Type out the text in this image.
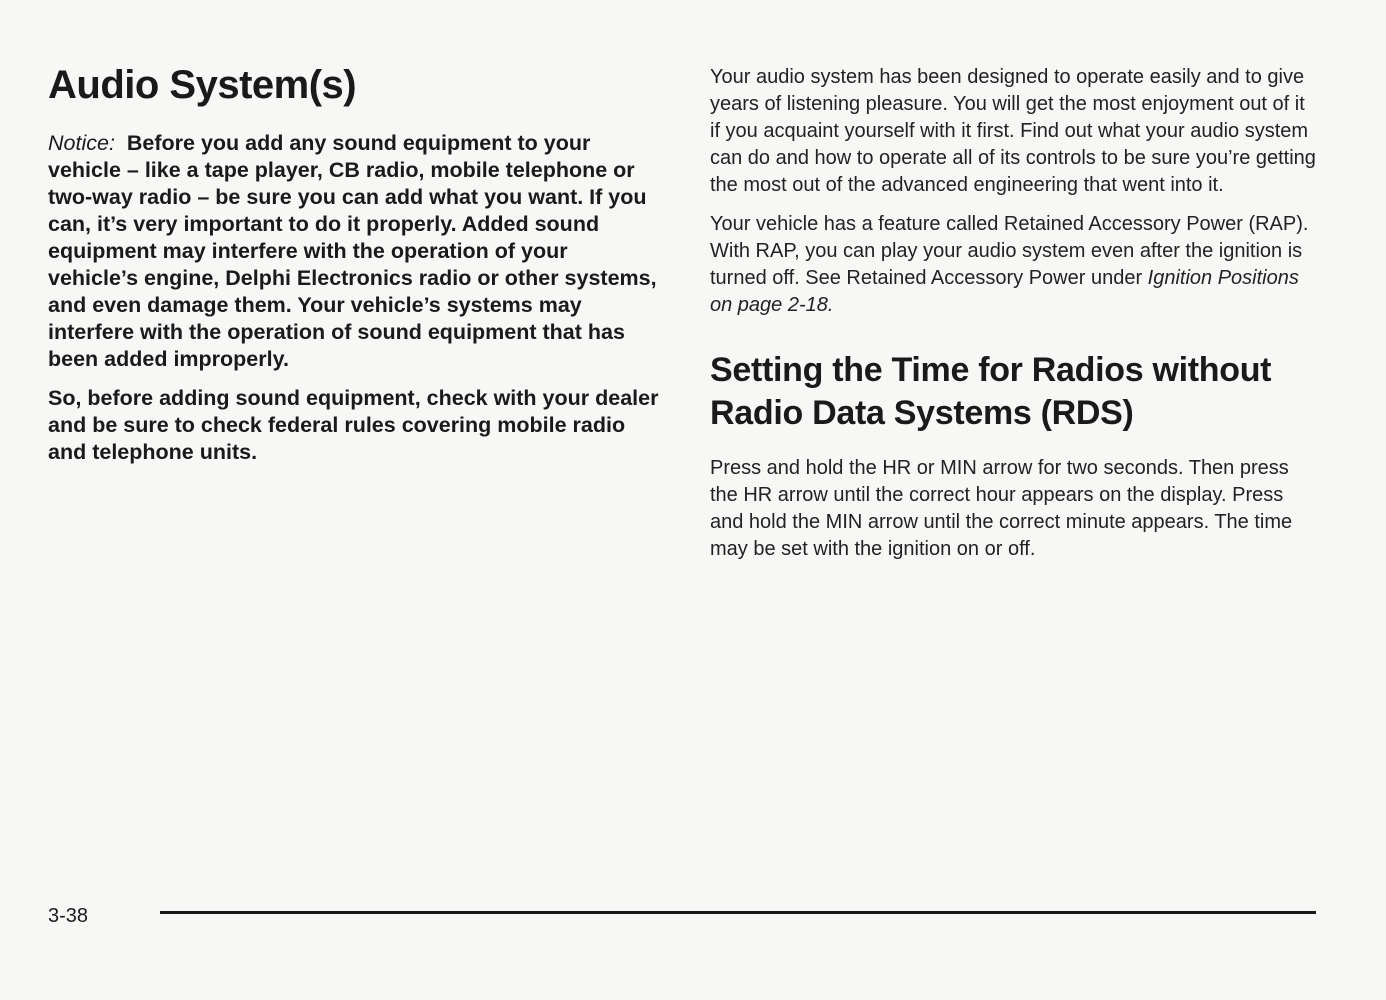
Audio System(s)

Notice: Before you add any sound equipment to your vehicle – like a tape player, CB radio, mobile telephone or two-way radio – be sure you can add what you want. If you can, it’s very important to do it properly. Added sound equipment may interfere with the operation of your vehicle’s engine, Delphi Electronics radio or other systems, and even damage them. Your vehicle’s systems may interfere with the operation of sound equipment that has been added improperly.

So, before adding sound equipment, check with your dealer and be sure to check federal rules covering mobile radio and telephone units.

Your audio system has been designed to operate easily and to give years of listening pleasure. You will get the most enjoyment out of it if you acquaint yourself with it first. Find out what your audio system can do and how to operate all of its controls to be sure you’re getting the most out of the advanced engineering that went into it.

Your vehicle has a feature called Retained Accessory Power (RAP). With RAP, you can play your audio system even after the ignition is turned off. See Retained Accessory Power under Ignition Positions on page 2-18.

Setting the Time for Radios without Radio Data Systems (RDS)

Press and hold the HR or MIN arrow for two seconds. Then press the HR arrow until the correct hour appears on the display. Press and hold the MIN arrow until the correct minute appears. The time may be set with the ignition on or off.

3-38
